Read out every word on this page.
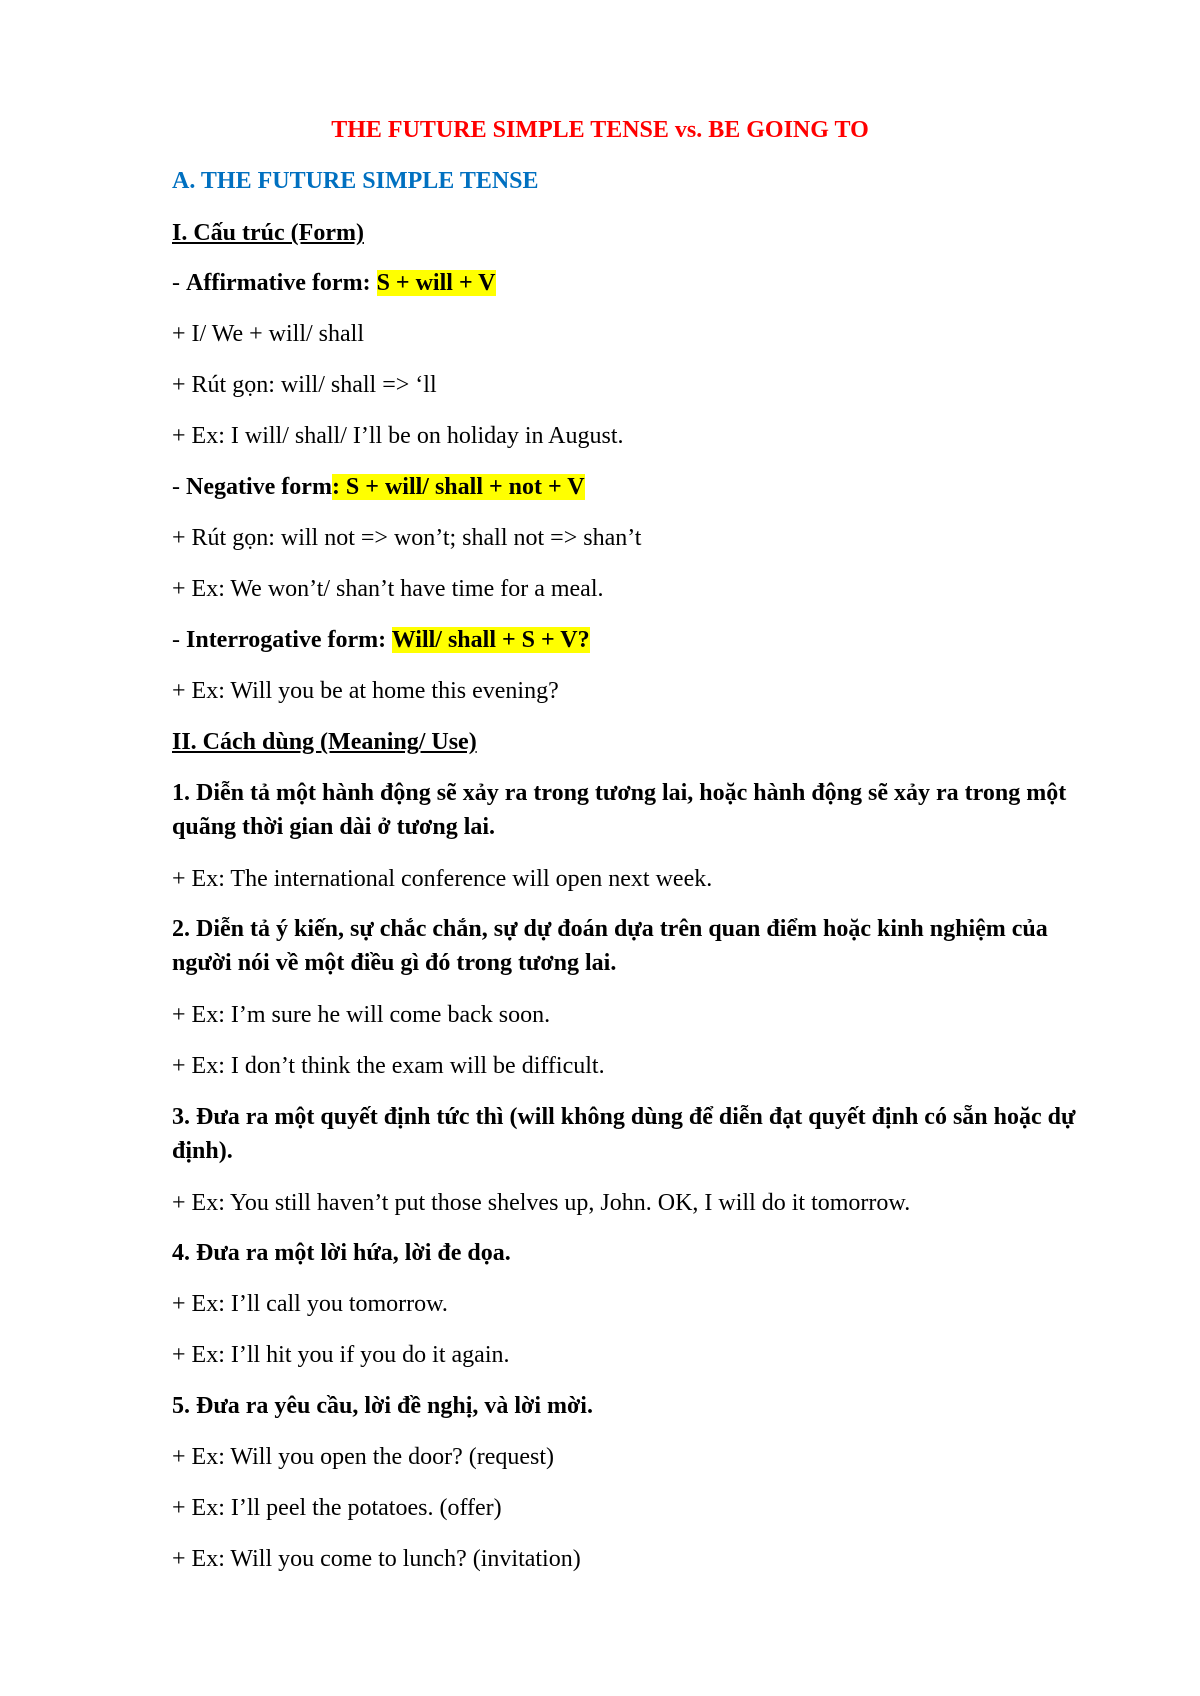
THE FUTURE SIMPLE TENSE vs. BE GOING TO
A. THE FUTURE SIMPLE TENSE
I. Cấu trúc (Form)
- Affirmative form: S + will + V
+ I/ We + will/ shall
+ Rút gọn: will/ shall => ‘ll
+ Ex: I will/ shall/ I’ll be on holiday in August.
- Negative form: S + will/ shall + not + V
+ Rút gọn: will not => won’t; shall not => shan’t
+ Ex: We won’t/ shan’t have time for a meal.
- Interrogative form: Will/ shall + S + V?
+ Ex: Will you be at home this evening?
II. Cách dùng (Meaning/ Use)
1. Diễn tả một hành động sẽ xảy ra trong tương lai, hoặc hành động sẽ xảy ra trong một quãng thời gian dài ở tương lai.
+ Ex: The international conference will open next week.
2. Diễn tả ý kiến, sự chắc chắn, sự dự đoán dựa trên quan điểm hoặc kinh nghiệm của người nói về một điều gì đó trong tương lai.
+ Ex: I’m sure he will come back soon.
+ Ex: I don’t think the exam will be difficult.
3. Đưa ra một quyết định tức thì (will không dùng để diễn đạt quyết định có sẵn hoặc dự định).
+ Ex: You still haven’t put those shelves up, John. OK, I will do it tomorrow.
4. Đưa ra một lời hứa, lời đe dọa.
+ Ex: I’ll call you tomorrow.
+ Ex: I’ll hit you if you do it again.
5. Đưa ra yêu cầu, lời đề nghị, và lời mời.
+ Ex: Will you open the door? (request)
+ Ex: I’ll peel the potatoes. (offer)
+ Ex: Will you come to lunch? (invitation)
